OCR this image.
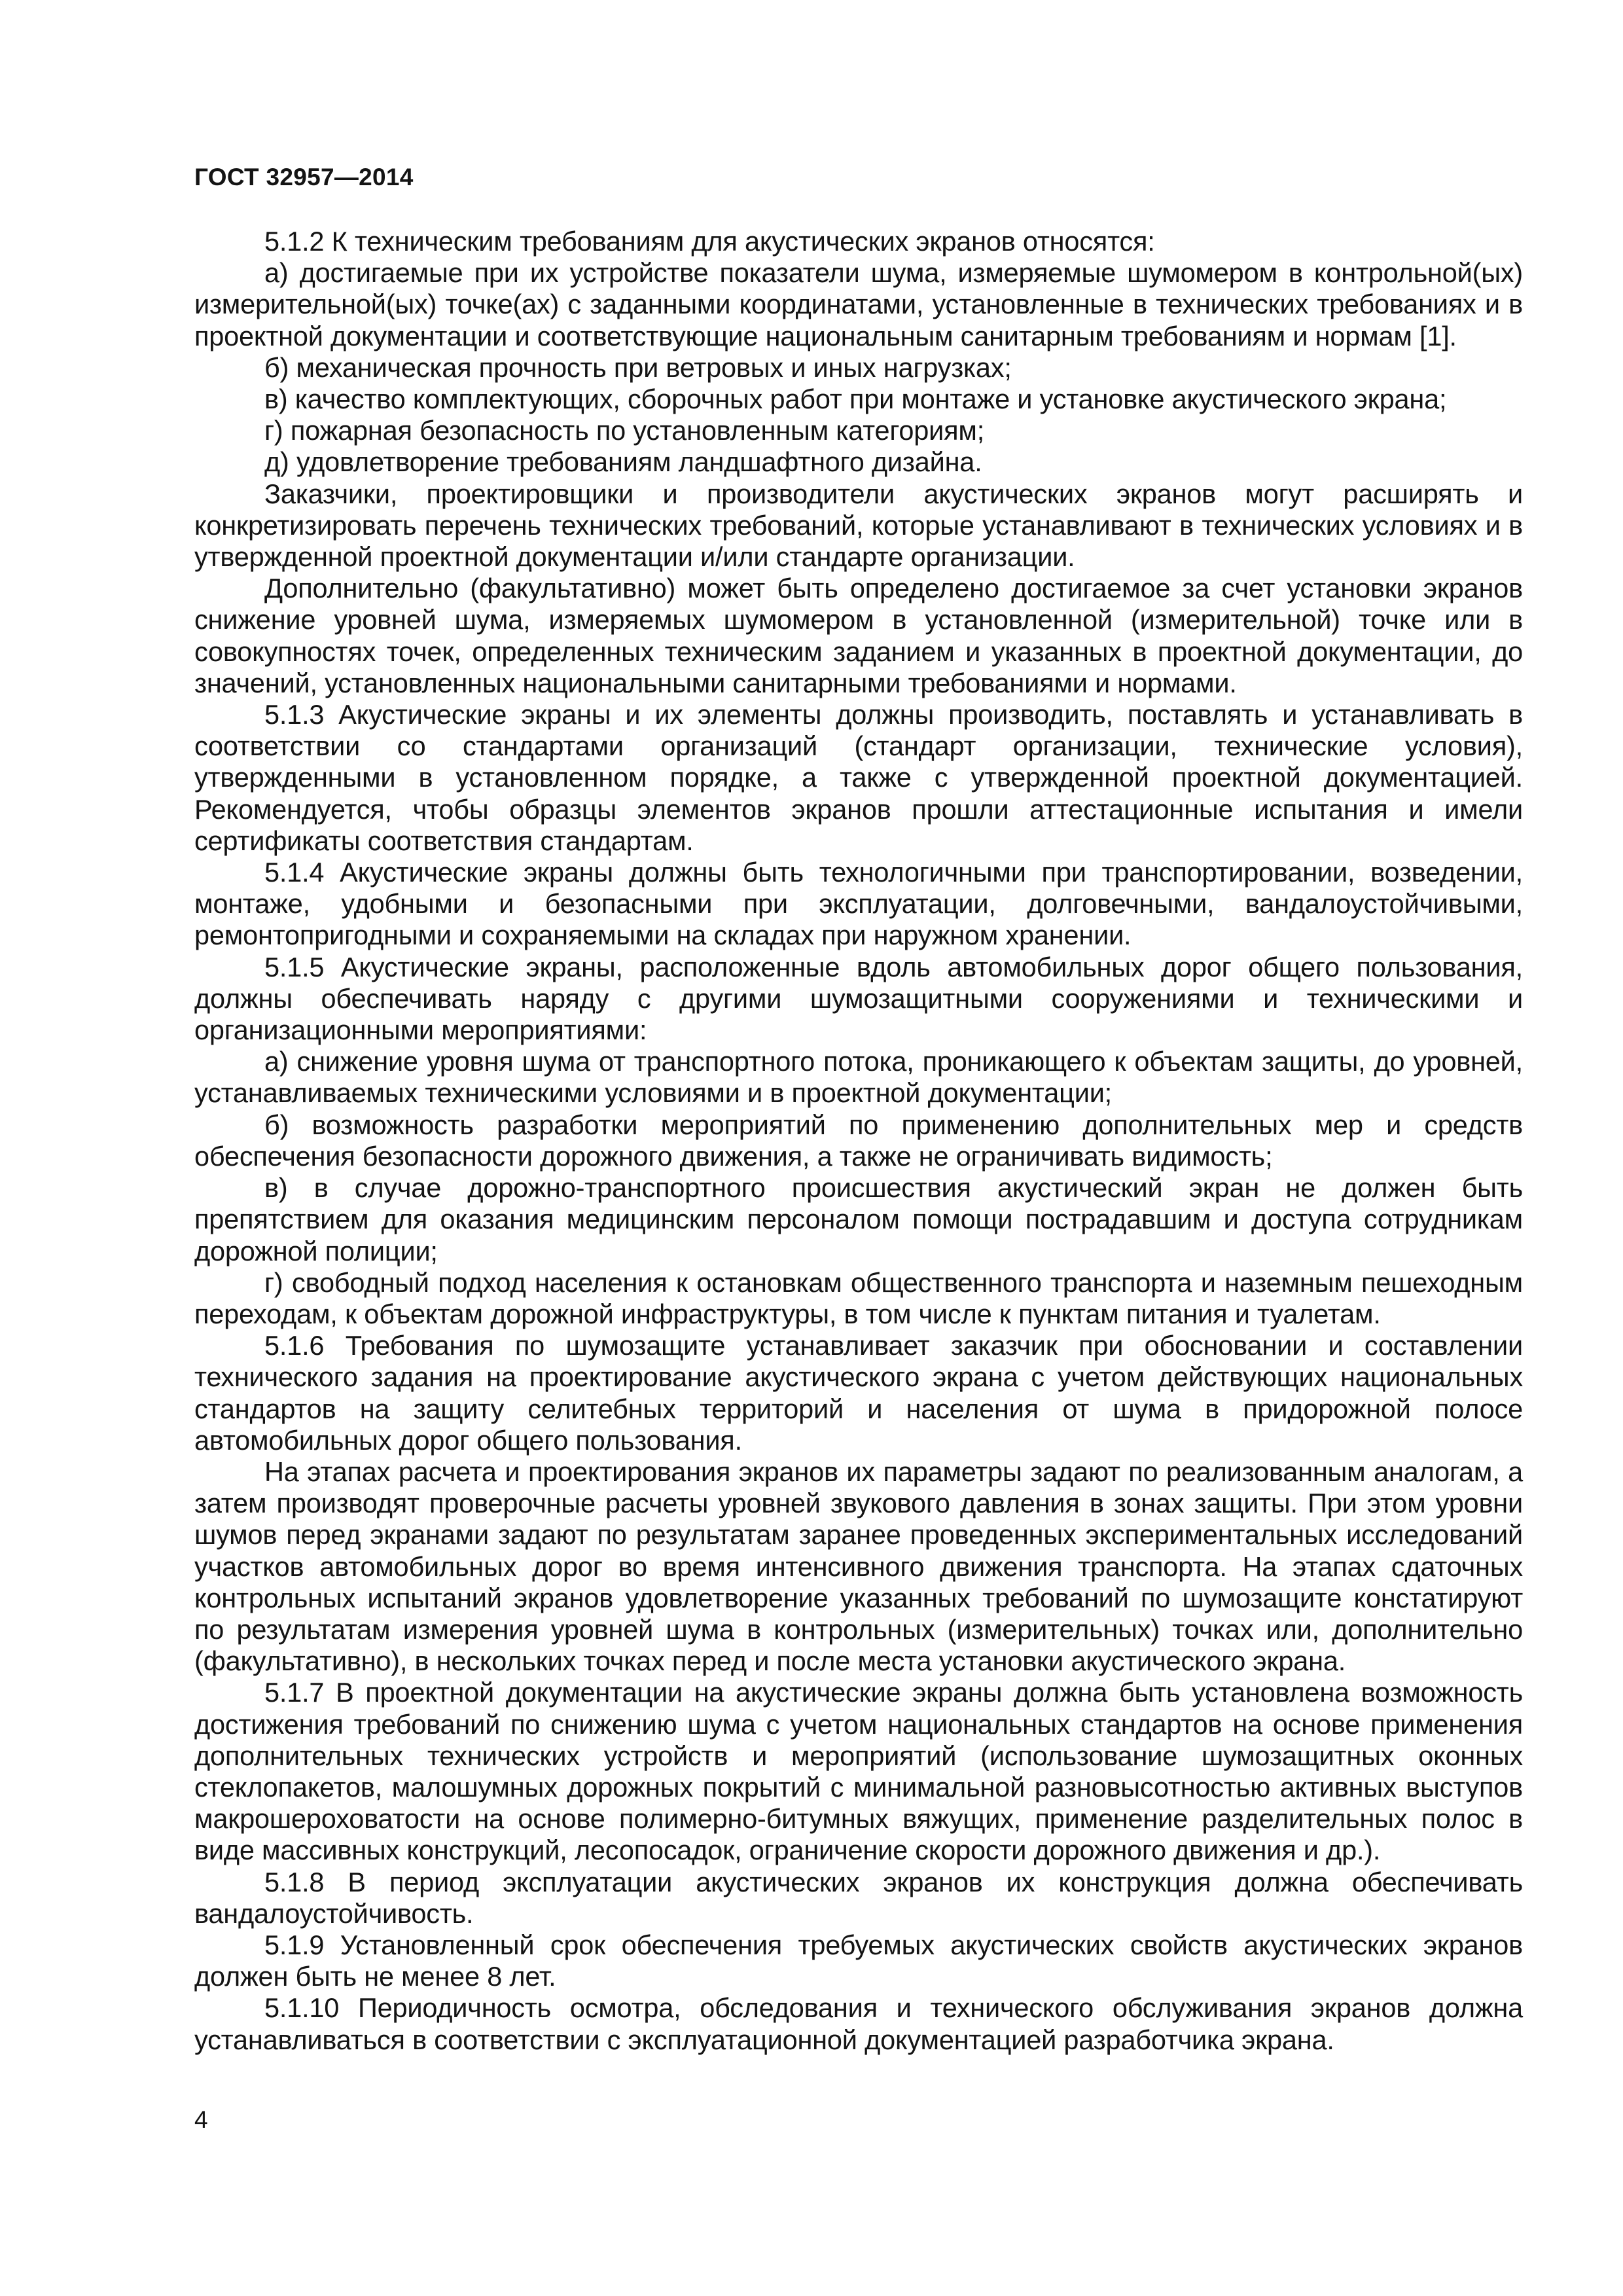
ГОСТ 32957—2014

5.1.2 К техническим требованиям для акустических экранов относятся:

а) достигаемые при их устройстве показатели шума, измеряемые шумомером в контрольной(ых) измерительной(ых) точке(ах) с заданными координатами, установленные в технических требованиях и в проектной документации и соответствующие национальным санитарным требованиям и нормам [1].

б) механическая прочность при ветровых и иных нагрузках;

в) качество комплектующих, сборочных работ при монтаже и установке акустического экрана;

г) пожарная безопасность по установленным категориям;

д) удовлетворение требованиям ландшафтного дизайна.

Заказчики, проектировщики и производители акустических экранов могут расширять и конкретизировать перечень технических требований, которые устанавливают в технических условиях и в утвержденной проектной документации и/или стандарте организации.

Дополнительно (факультативно) может быть определено достигаемое за счет установки экранов снижение уровней шума, измеряемых шумомером в установленной (измерительной) точке или в совокупностях точек, определенных техническим заданием и указанных в проектной документации, до значений, установленных национальными санитарными требованиями и нормами.

5.1.3 Акустические экраны и их элементы должны производить, поставлять и устанавливать в соответствии со стандартами организаций (стандарт организации, технические условия), утвержденными в установленном порядке, а также с утвержденной проектной документацией. Рекомендуется, чтобы образцы элементов экранов прошли аттестационные испытания и имели сертификаты соответствия стандартам.

5.1.4 Акустические экраны должны быть технологичными при транспортировании, возведении, монтаже, удобными и безопасными при эксплуатации, долговечными, вандалоустойчивыми, ремонтопригодными и сохраняемыми на складах при наружном хранении.

5.1.5 Акустические экраны, расположенные вдоль автомобильных дорог общего пользования, должны обеспечивать наряду с другими шумозащитными сооружениями и техническими и организационными мероприятиями:

а) снижение уровня шума от транспортного потока, проникающего к объектам защиты, до уровней, устанавливаемых техническими условиями и в проектной документации;

б) возможность разработки мероприятий по применению дополнительных мер и средств обеспечения безопасности дорожного движения, а также не ограничивать видимость;

в) в случае дорожно-транспортного происшествия акустический экран не должен быть препятствием для оказания медицинским персоналом помощи пострадавшим и доступа сотрудникам дорожной полиции;

г) свободный подход населения к остановкам общественного транспорта и наземным пешеходным переходам, к объектам дорожной инфраструктуры, в том числе к пунктам питания и туалетам.

5.1.6 Требования по шумозащите устанавливает заказчик при обосновании и составлении технического задания на проектирование акустического экрана с учетом действующих национальных стандартов на защиту селитебных территорий и населения от шума в придорожной полосе автомобильных дорог общего пользования.

На этапах расчета и проектирования экранов их параметры задают по реализованным аналогам, а затем производят проверочные расчеты уровней звукового давления в зонах защиты. При этом уровни шумов перед экранами задают по результатам заранее проведенных экспериментальных исследований участков автомобильных дорог во время интенсивного движения транспорта. На этапах сдаточных контрольных испытаний экранов удовлетворение указанных требований по шумозащите констатируют по результатам измерения уровней шума в контрольных (измерительных) точках или, дополнительно (факультативно), в нескольких точках перед и после места установки акустического экрана.

5.1.7 В проектной документации на акустические экраны должна быть установлена возможность достижения требований по снижению шума с учетом национальных стандартов на основе применения дополнительных технических устройств и мероприятий (использование шумозащитных оконных стеклопакетов, малошумных дорожных покрытий с минимальной разновысотностью активных выступов макрошероховатости на основе полимерно-битумных вяжущих, применение разделительных полос в виде массивных конструкций, лесопосадок, ограничение скорости дорожного движения и др.).

5.1.8 В период эксплуатации акустических экранов их конструкция должна обеспечивать вандалоустойчивость.

5.1.9 Установленный срок обеспечения требуемых акустических свойств акустических экранов должен быть не менее 8 лет.

5.1.10 Периодичность осмотра, обследования и технического обслуживания экранов должна устанавливаться в соответствии с эксплуатационной документацией разработчика экрана.

4
